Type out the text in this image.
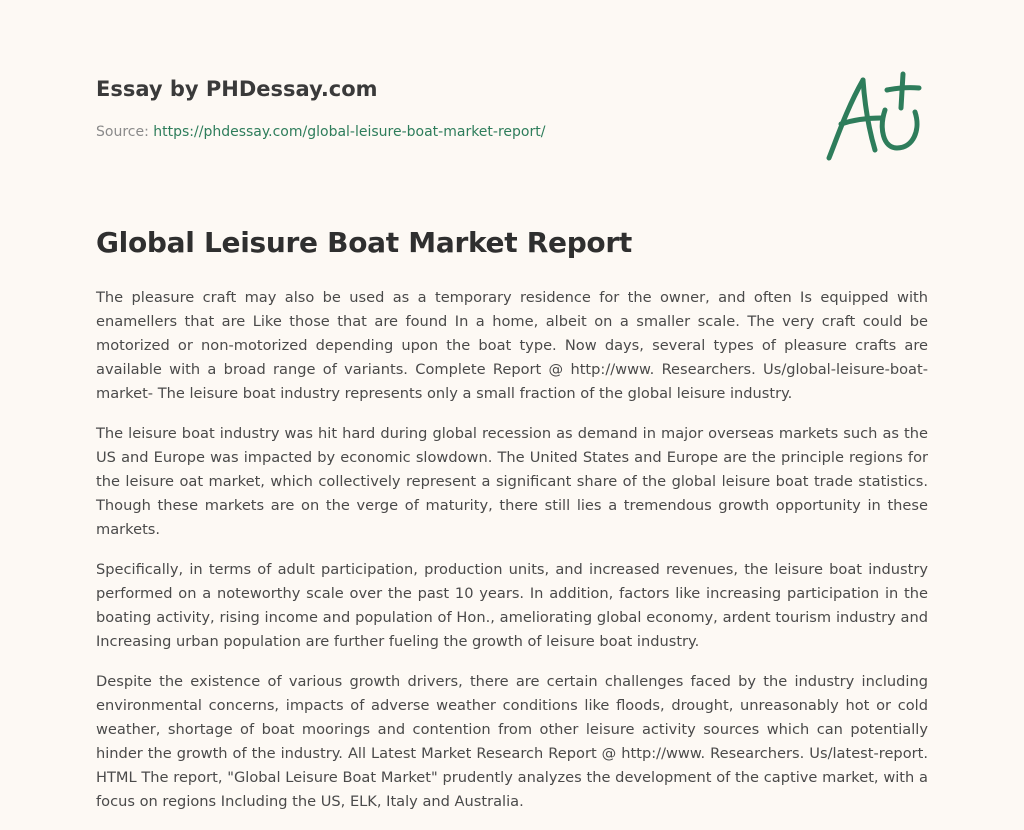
Essay by PHDessay.com
Source: https://phdessay.com/global-leisure-boat-market-report/
Global Leisure Boat Market Report

The pleasure craft may also be used as a temporary residence for the owner, and often Is equipped with enamellers that are Like those that are found In a home, albeit on a smaller scale. The very craft could be motorized or non-motorized depending upon the boat type. Now days, several types of pleasure crafts are available with a broad range of variants. Complete Report @ http://www. Researchers. Us/global-leisure-boat-market- The leisure boat industry represents only a small fraction of the global leisure industry.

The leisure boat industry was hit hard during global recession as demand in major overseas markets such as the US and Europe was impacted by economic slowdown. The United States and Europe are the principle regions for the leisure oat market, which collectively represent a significant share of the global leisure boat trade statistics. Though these markets are on the verge of maturity, there still lies a tremendous growth opportunity in these markets.

Specifically, in terms of adult participation, production units, and increased revenues, the leisure boat industry performed on a noteworthy scale over the past 10 years. In addition, factors like increasing participation in the boating activity, rising income and population of Hon., ameliorating global economy, ardent tourism industry and Increasing urban population are further fueling the growth of leisure boat industry.

Despite the existence of various growth drivers, there are certain challenges faced by the industry including environmental concerns, impacts of adverse weather conditions like floods, drought, unreasonably hot or cold weather, shortage of boat moorings and contention from other leisure activity sources which can potentially hinder the growth of the industry. All Latest Market Research Report @ http://www. Researchers. Us/latest-report. HTML The report, "Global Leisure Boat Market" prudently analyzes the development of the captive market, with a focus on regions Including the US, ELK, Italy and Australia.
